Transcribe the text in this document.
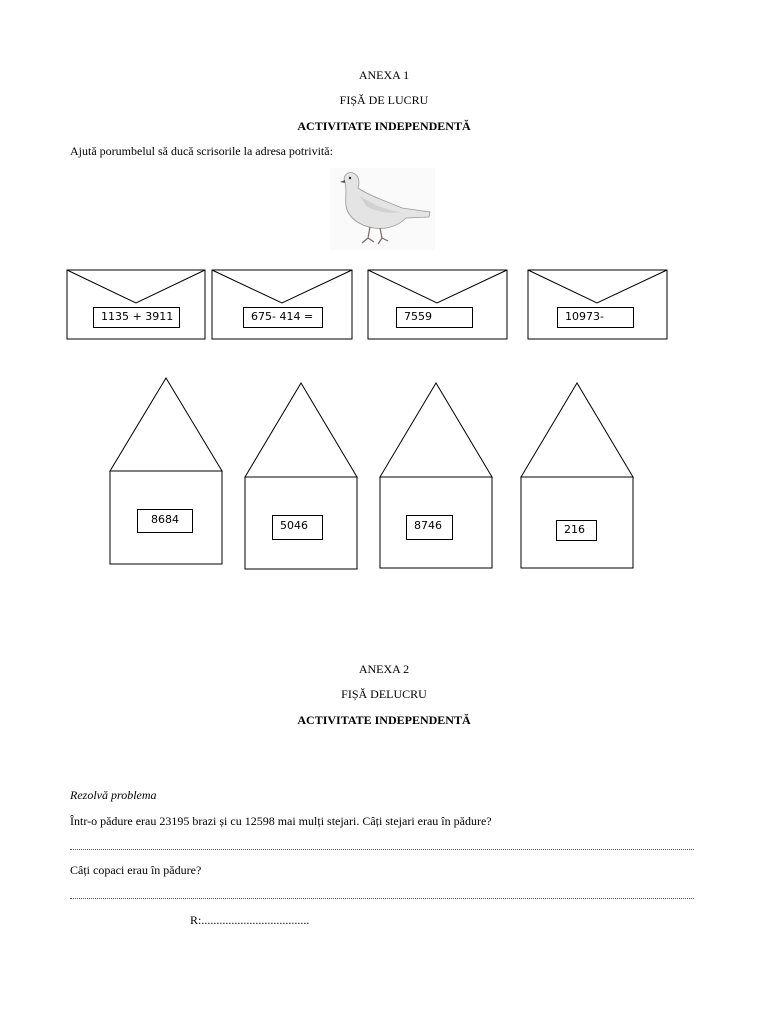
ANEXA 1
FIȘĂ DE LUCRU
ACTIVITATE INDEPENDENTĂ
Ajută porumbelul să ducă scrisorile la adresa potrivită:
1135 + 3911	675- 414 =	7559	10973-
8684	5046	8746	216
ANEXA 2
FIȘĂ DELUCRU
ACTIVITATE INDEPENDENTĂ
Rezolvă problema
Într-o pădure erau 23195 brazi și cu 12598 mai mulți stejari. Câți stejari erau în pădure?
Câți copaci erau în pădure?
R:....................................
